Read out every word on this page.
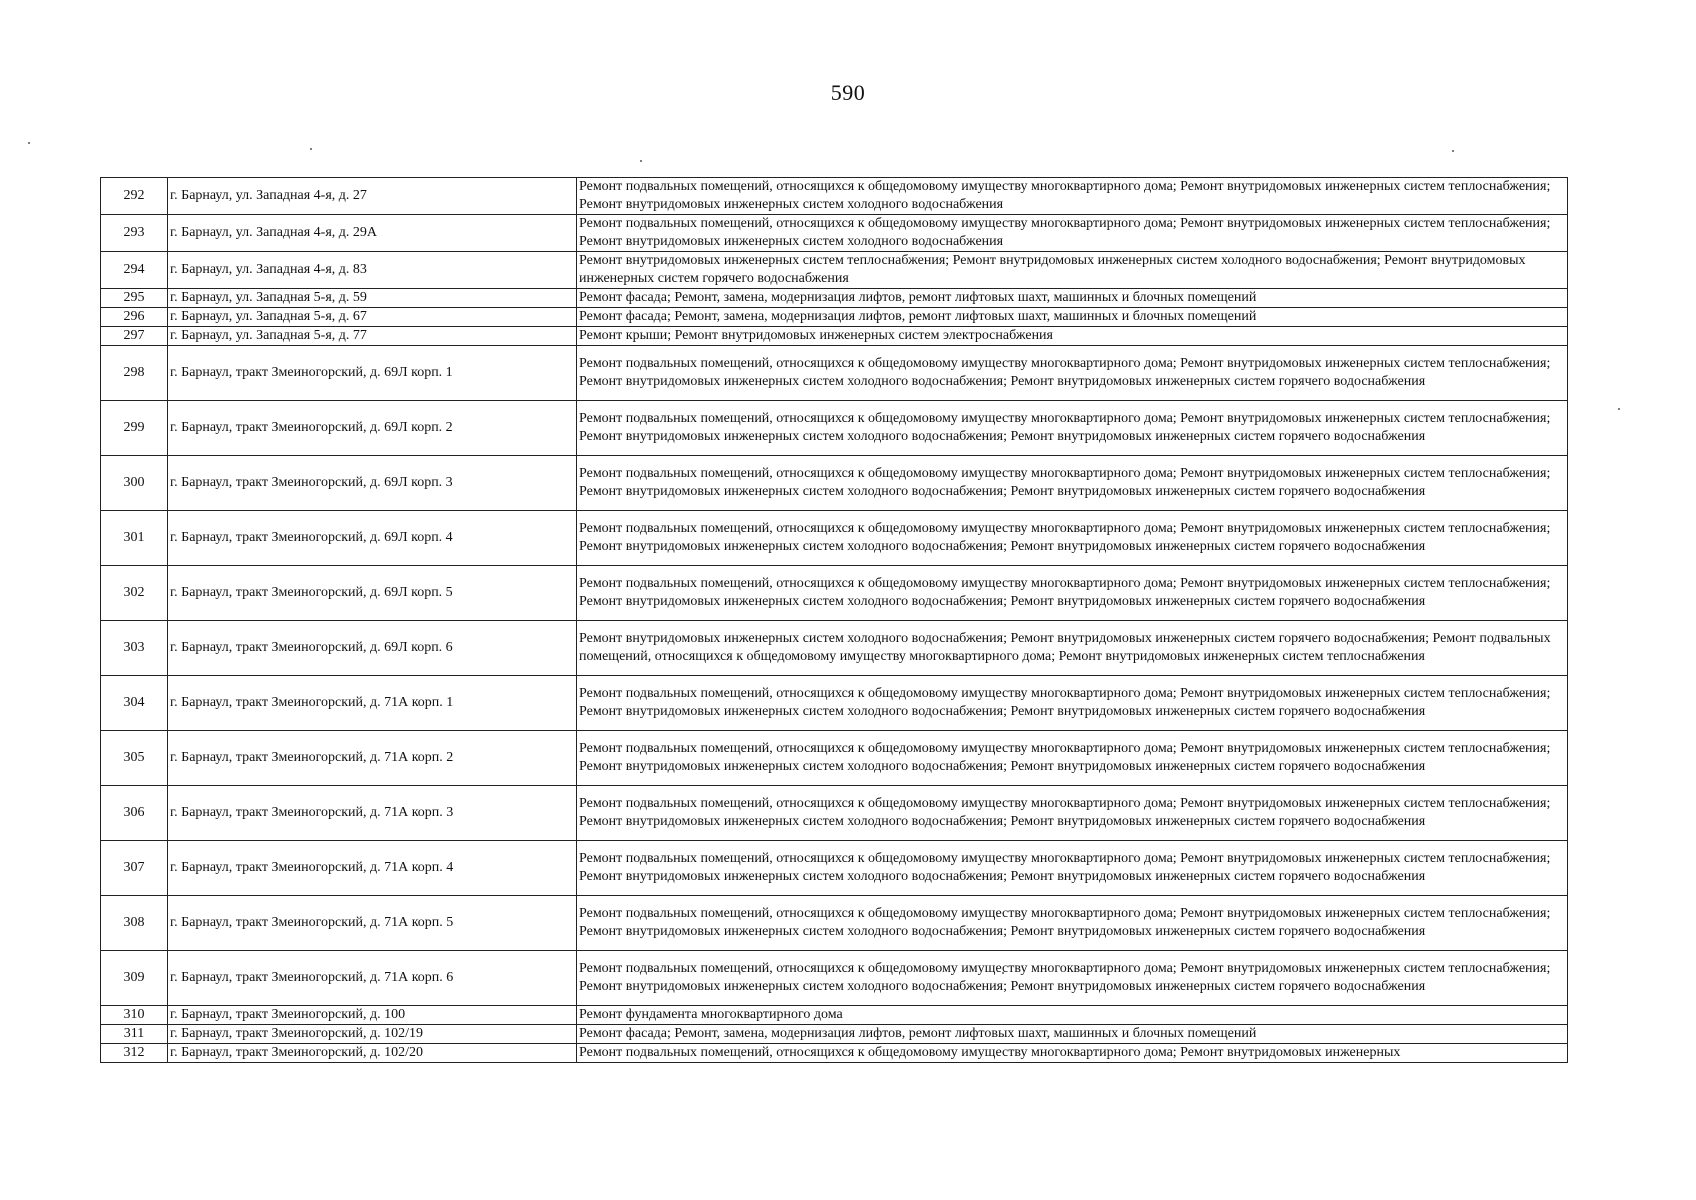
590
292	г. Барнаул, ул. Западная 4-я, д. 27	Ремонт подвальных помещений, относящихся к общедомовому имуществу многоквартирного дома; Ремонт внутридомовых инженерных систем теплоснабжения; Ремонт внутридомовых инженерных систем холодного водоснабжения
293	г. Барнаул, ул. Западная 4-я, д. 29А	Ремонт подвальных помещений, относящихся к общедомовому имуществу многоквартирного дома; Ремонт внутридомовых инженерных систем теплоснабжения; Ремонт внутридомовых инженерных систем холодного водоснабжения
294	г. Барнаул, ул. Западная 4-я, д. 83	Ремонт внутридомовых инженерных систем теплоснабжения; Ремонт внутридомовых инженерных систем холодного водоснабжения; Ремонт внутридомовых инженерных систем горячего водоснабжения
295	г. Барнаул, ул. Западная 5-я, д. 59	Ремонт фасада; Ремонт, замена, модернизация лифтов, ремонт лифтовых шахт, машинных и блочных помещений
296	г. Барнаул, ул. Западная 5-я, д. 67	Ремонт фасада; Ремонт, замена, модернизация лифтов, ремонт лифтовых шахт, машинных и блочных помещений
297	г. Барнаул, ул. Западная 5-я, д. 77	Ремонт крыши; Ремонт внутридомовых инженерных систем электроснабжения
298	г. Барнаул, тракт Змеиногорский, д. 69Л корп. 1	Ремонт подвальных помещений, относящихся к общедомовому имуществу многоквартирного дома; Ремонт внутридомовых инженерных систем теплоснабжения; Ремонт внутридомовых инженерных систем холодного водоснабжения; Ремонт внутридомовых инженерных систем горячего водоснабжения
299	г. Барнаул, тракт Змеиногорский, д. 69Л корп. 2	Ремонт подвальных помещений, относящихся к общедомовому имуществу многоквартирного дома; Ремонт внутридомовых инженерных систем теплоснабжения; Ремонт внутридомовых инженерных систем холодного водоснабжения; Ремонт внутридомовых инженерных систем горячего водоснабжения
300	г. Барнаул, тракт Змеиногорский, д. 69Л корп. 3	Ремонт подвальных помещений, относящихся к общедомовому имуществу многоквартирного дома; Ремонт внутридомовых инженерных систем теплоснабжения; Ремонт внутридомовых инженерных систем холодного водоснабжения; Ремонт внутридомовых инженерных систем горячего водоснабжения
301	г. Барнаул, тракт Змеиногорский, д. 69Л корп. 4	Ремонт подвальных помещений, относящихся к общедомовому имуществу многоквартирного дома; Ремонт внутридомовых инженерных систем теплоснабжения; Ремонт внутридомовых инженерных систем холодного водоснабжения; Ремонт внутридомовых инженерных систем горячего водоснабжения
302	г. Барнаул, тракт Змеиногорский, д. 69Л корп. 5	Ремонт подвальных помещений, относящихся к общедомовому имуществу многоквартирного дома; Ремонт внутридомовых инженерных систем теплоснабжения; Ремонт внутридомовых инженерных систем холодного водоснабжения; Ремонт внутридомовых инженерных систем горячего водоснабжения
303	г. Барнаул, тракт Змеиногорский, д. 69Л корп. 6	Ремонт внутридомовых инженерных систем холодного водоснабжения; Ремонт внутридомовых инженерных систем горячего водоснабжения; Ремонт подвальных помещений, относящихся к общедомовому имуществу многоквартирного дома; Ремонт внутридомовых инженерных систем теплоснабжения
304	г. Барнаул, тракт Змеиногорский, д. 71А корп. 1	Ремонт подвальных помещений, относящихся к общедомовому имуществу многоквартирного дома; Ремонт внутридомовых инженерных систем теплоснабжения; Ремонт внутридомовых инженерных систем холодного водоснабжения; Ремонт внутридомовых инженерных систем горячего водоснабжения
305	г. Барнаул, тракт Змеиногорский, д. 71А корп. 2	Ремонт подвальных помещений, относящихся к общедомовому имуществу многоквартирного дома; Ремонт внутридомовых инженерных систем теплоснабжения; Ремонт внутридомовых инженерных систем холодного водоснабжения; Ремонт внутридомовых инженерных систем горячего водоснабжения
306	г. Барнаул, тракт Змеиногорский, д. 71А корп. 3	Ремонт подвальных помещений, относящихся к общедомовому имуществу многоквартирного дома; Ремонт внутридомовых инженерных систем теплоснабжения; Ремонт внутридомовых инженерных систем холодного водоснабжения; Ремонт внутридомовых инженерных систем горячего водоснабжения
307	г. Барнаул, тракт Змеиногорский, д. 71А корп. 4	Ремонт подвальных помещений, относящихся к общедомовому имуществу многоквартирного дома; Ремонт внутридомовых инженерных систем теплоснабжения; Ремонт внутридомовых инженерных систем холодного водоснабжения; Ремонт внутридомовых инженерных систем горячего водоснабжения
308	г. Барнаул, тракт Змеиногорский, д. 71А корп. 5	Ремонт подвальных помещений, относящихся к общедомовому имуществу многоквартирного дома; Ремонт внутридомовых инженерных систем теплоснабжения; Ремонт внутридомовых инженерных систем холодного водоснабжения; Ремонт внутридомовых инженерных систем горячего водоснабжения
309	г. Барнаул, тракт Змеиногорский, д. 71А корп. 6	Ремонт подвальных помещений, относящихся к общедомовому имуществу многоквартирного дома; Ремонт внутридомовых инженерных систем теплоснабжения; Ремонт внутридомовых инженерных систем холодного водоснабжения; Ремонт внутридомовых инженерных систем горячего водоснабжения
310	г. Барнаул, тракт Змеиногорский, д. 100	Ремонт фундамента многоквартирного дома
311	г. Барнаул, тракт Змеиногорский, д. 102/19	Ремонт фасада; Ремонт, замена, модернизация лифтов, ремонт лифтовых шахт, машинных и блочных помещений
312	г. Барнаул, тракт Змеиногорский, д. 102/20	Ремонт подвальных помещений, относящихся к общедомовому имуществу многоквартирного дома; Ремонт внутридомовых инженерных
